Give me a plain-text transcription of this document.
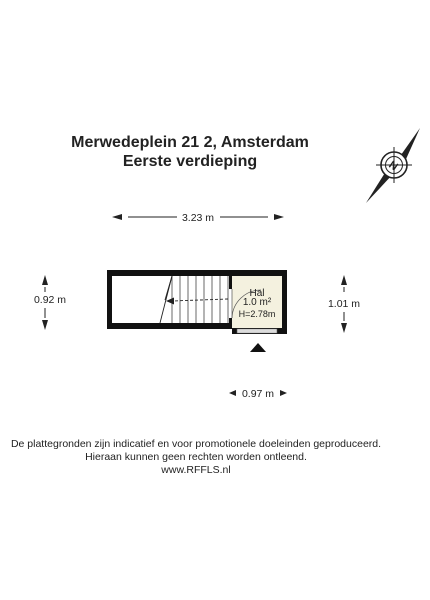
Merwedeplein 21 2, Amsterdam
Eerste verdieping	N
3.23 m
0.92 m	1.01 m
Hal
1.0 m²
H=2.78m
0.97 m
De plattegronden zijn indicatief en voor promotionele doeleinden geproduceerd.
Hieraan kunnen geen rechten worden ontleend.
www.RFFLS.nl
